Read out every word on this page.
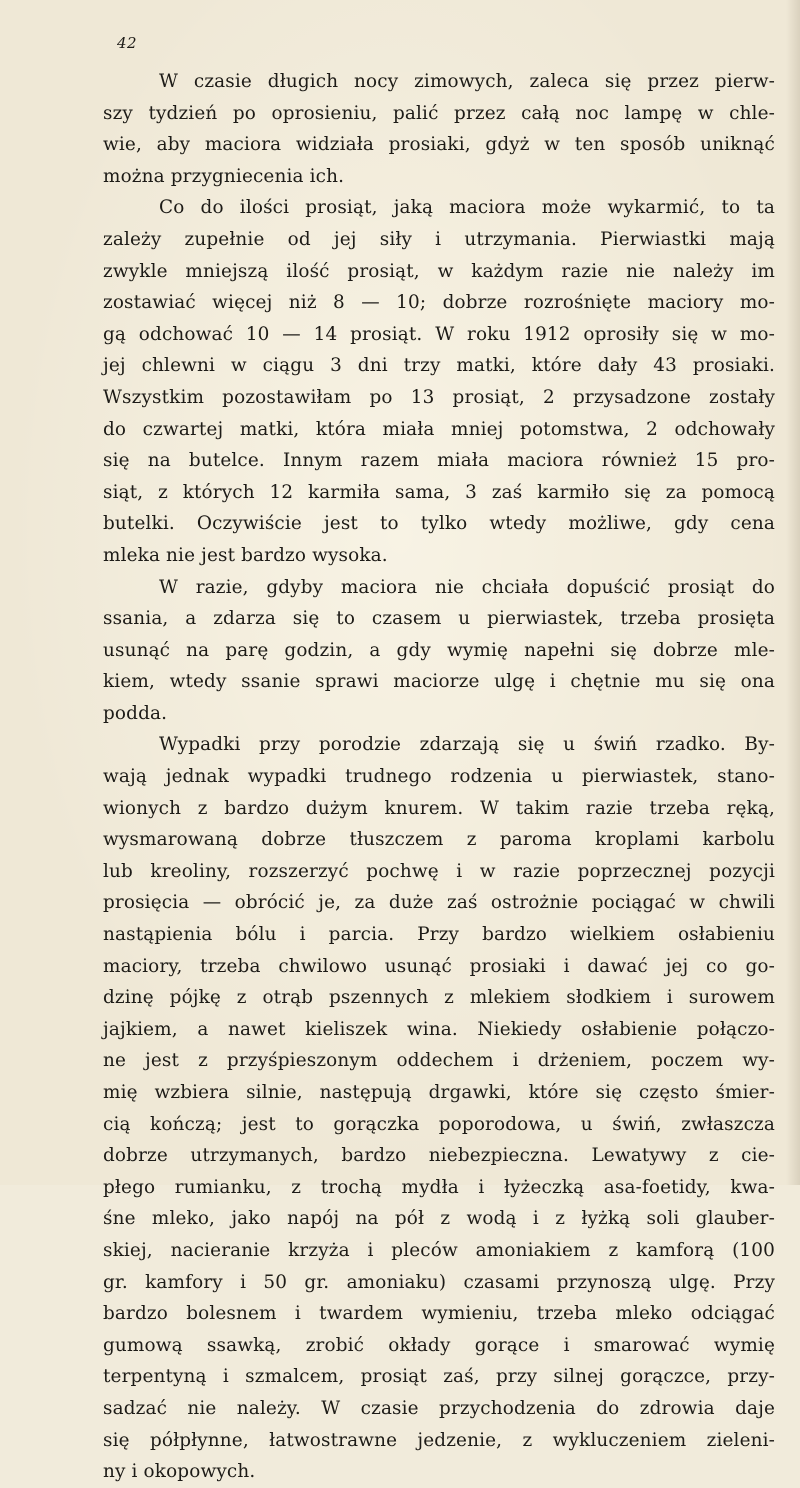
42
W czasie długich nocy zimowych, zaleca się przez pierw-
szy tydzień po oprosieniu, palić przez całą noc lampę w chle-
wie, aby maciora widziała prosiaki, gdyż w ten sposób uniknąć
można przygniecenia ich.
Co do ilości prosiąt, jaką maciora może wykarmić, to ta
zależy zupełnie od jej siły i utrzymania. Pierwiastki mają
zwykle mniejszą ilość prosiąt, w każdym razie nie należy im
zostawiać więcej niż 8 — 10; dobrze rozrośnięte maciory mo-
gą odchować 10 — 14 prosiąt. W roku 1912 oprosiły się w mo-
jej chlewni w ciągu 3 dni trzy matki, które dały 43 prosiaki.
Wszystkim pozostawiłam po 13 prosiąt, 2 przysadzone zostały
do czwartej matki, która miała mniej potomstwa, 2 odchowały
się na butelce. Innym razem miała maciora również 15 pro-
siąt, z których 12 karmiła sama, 3 zaś karmiło się za pomocą
butelki. Oczywiście jest to tylko wtedy możliwe, gdy cena
mleka nie jest bardzo wysoka.
W razie, gdyby maciora nie chciała dopuścić prosiąt do
ssania, a zdarza się to czasem u pierwiastek, trzeba prosięta
usunąć na parę godzin, a gdy wymię napełni się dobrze mle-
kiem, wtedy ssanie sprawi maciorze ulgę i chętnie mu się ona
podda.
Wypadki przy porodzie zdarzają się u świń rzadko. By-
wają jednak wypadki trudnego rodzenia u pierwiastek, stano-
wionych z bardzo dużym knurem. W takim razie trzeba ręką,
wysmarowaną dobrze tłuszczem z paroma kroplami karbolu
lub kreoliny, rozszerzyć pochwę i w razie poprzecznej pozycji
prosięcia — obrócić je, za duże zaś ostrożnie pociągać w chwili
nastąpienia bólu i parcia. Przy bardzo wielkiem osłabieniu
maciory, trzeba chwilowo usunąć prosiaki i dawać jej co go-
dzinę pójkę z otrąb pszennych z mlekiem słodkiem i surowem
jajkiem, a nawet kieliszek wina. Niekiedy osłabienie połączo-
ne jest z przyśpieszonym oddechem i drżeniem, poczem wy-
mię wzbiera silnie, następują drgawki, które się często śmier-
cią kończą; jest to gorączka poporodowa, u świń, zwłaszcza
dobrze utrzymanych, bardzo niebezpieczna. Lewatywy z cie-
płego rumianku, z trochą mydła i łyżeczką asa-foetidy, kwa-
śne mleko, jako napój na pół z wodą i z łyżką soli glauber-
skiej, nacieranie krzyża i pleców amoniakiem z kamforą (100
gr. kamfory i 50 gr. amoniaku) czasami przynoszą ulgę. Przy
bardzo bolesnem i twardem wymieniu, trzeba mleko odciągać
gumową ssawką, zrobić okłady gorące i smarować wymię
terpentyną i szmalcem, prosiąt zaś, przy silnej gorączce, przy-
sadzać nie należy. W czasie przychodzenia do zdrowia daje
się półpłynne, łatwostrawne jedzenie, z wykluczeniem zieleni-
ny i okopowych.
